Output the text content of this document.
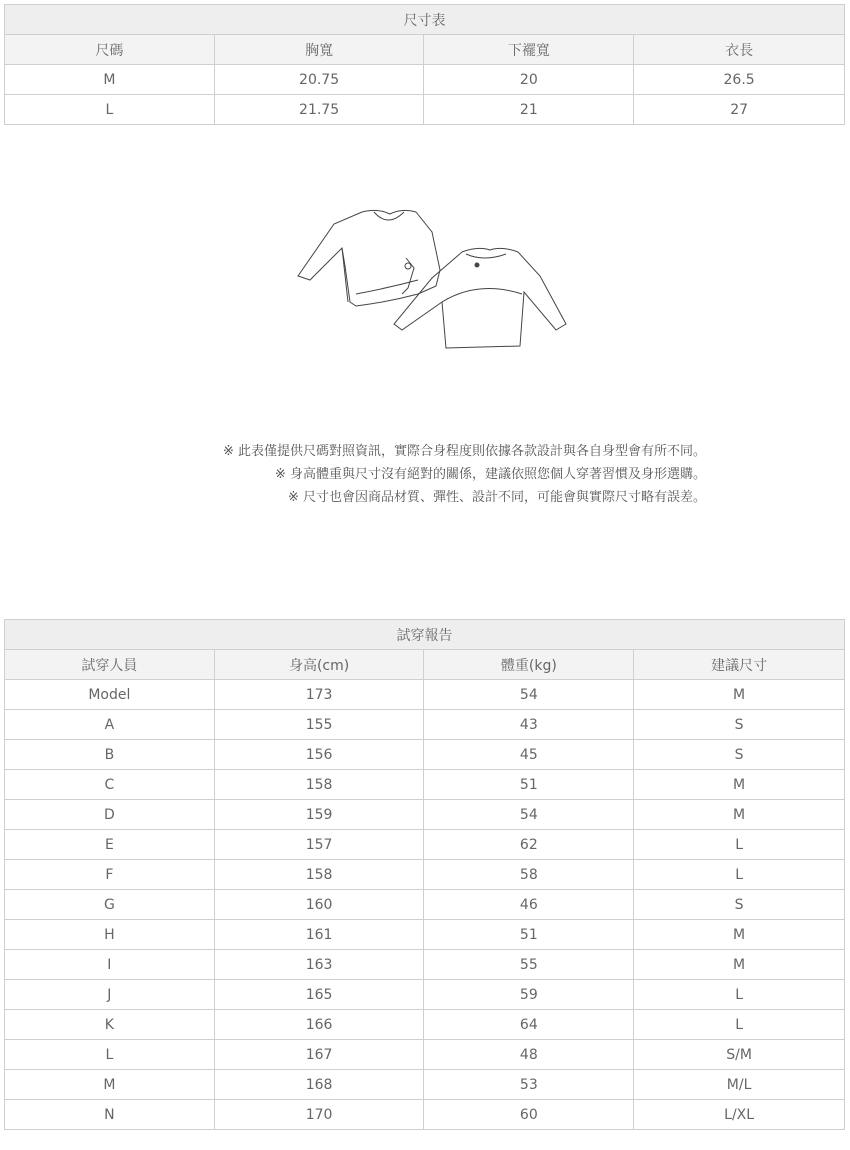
尺寸表			
尺碼	胸寬	下襬寬	衣長
M	20.75	20	26.5
L	21.75	21	27
※ 此表僅提供尺碼對照資訊，實際合身程度則依據各款設計與各自身型會有所不同。
※ 身高體重與尺寸沒有絕對的關係，建議依照您個人穿著習慣及身形選購。
※ 尺寸也會因商品材質、彈性、設計不同，可能會與實際尺寸略有誤差。
試穿報告			
試穿人員	身高(cm)	體重(kg)	建議尺寸
Model	173	54	M
A	155	43	S
B	156	45	S
C	158	51	M
D	159	54	M
E	157	62	L
F	158	58	L
G	160	46	S
H	161	51	M
I	163	55	M
J	165	59	L
K	166	64	L
L	167	48	S/M
M	168	53	M/L
N	170	60	L/XL
